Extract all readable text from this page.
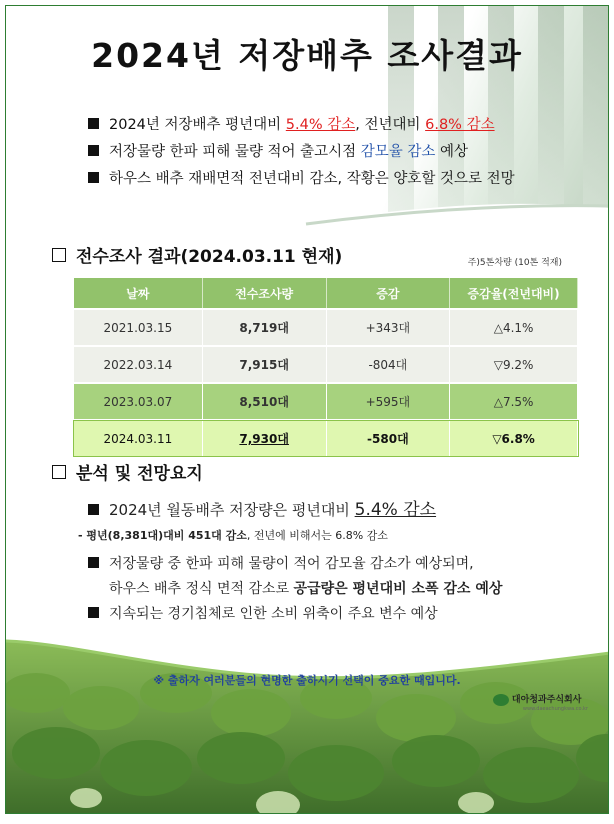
2024년 저장배추 조사결과
2024년 저장배추 평년대비 5.4% 감소, 전년대비 6.8% 감소
저장물량 한파 피해 물량 적어 출고시점 감모율 감소 예상
하우스 배추 재배면적 전년대비 감소, 작황은 양호할 것으로 전망
전수조사 결과(2024.03.11 현재)	주)5톤차량 (10톤 적재)
날짜	전수조사량	증감	증감율(전년대비)
2021.03.15	8,719대	+343대	△4.1%
2022.03.14	7,915대	-804대	▽9.2%
2023.03.07	8,510대	+595대	△7.5%
2024.03.11	7,930대	-580대	▽6.8%
분석 및 전망요지
2024년 월동배추 저장량은 평년대비 5.4% 감소
- 평년(8,381대)대비 451대 감소, 전년에 비해서는 6.8% 감소
저장물량 중 한파 피해 물량이 적어 감모율 감소가 예상되며,
하우스 배추 정식 면적 감소로 공급량은 평년대비 소폭 감소 예상
지속되는 경기침체로 인한 소비 위축이 주요 변수 예상
※ 출하자 여러분들의 현명한 출하시기 선택이 중요한 때입니다.
대아청과주식회사
www.daeachungkwa.co.kr
